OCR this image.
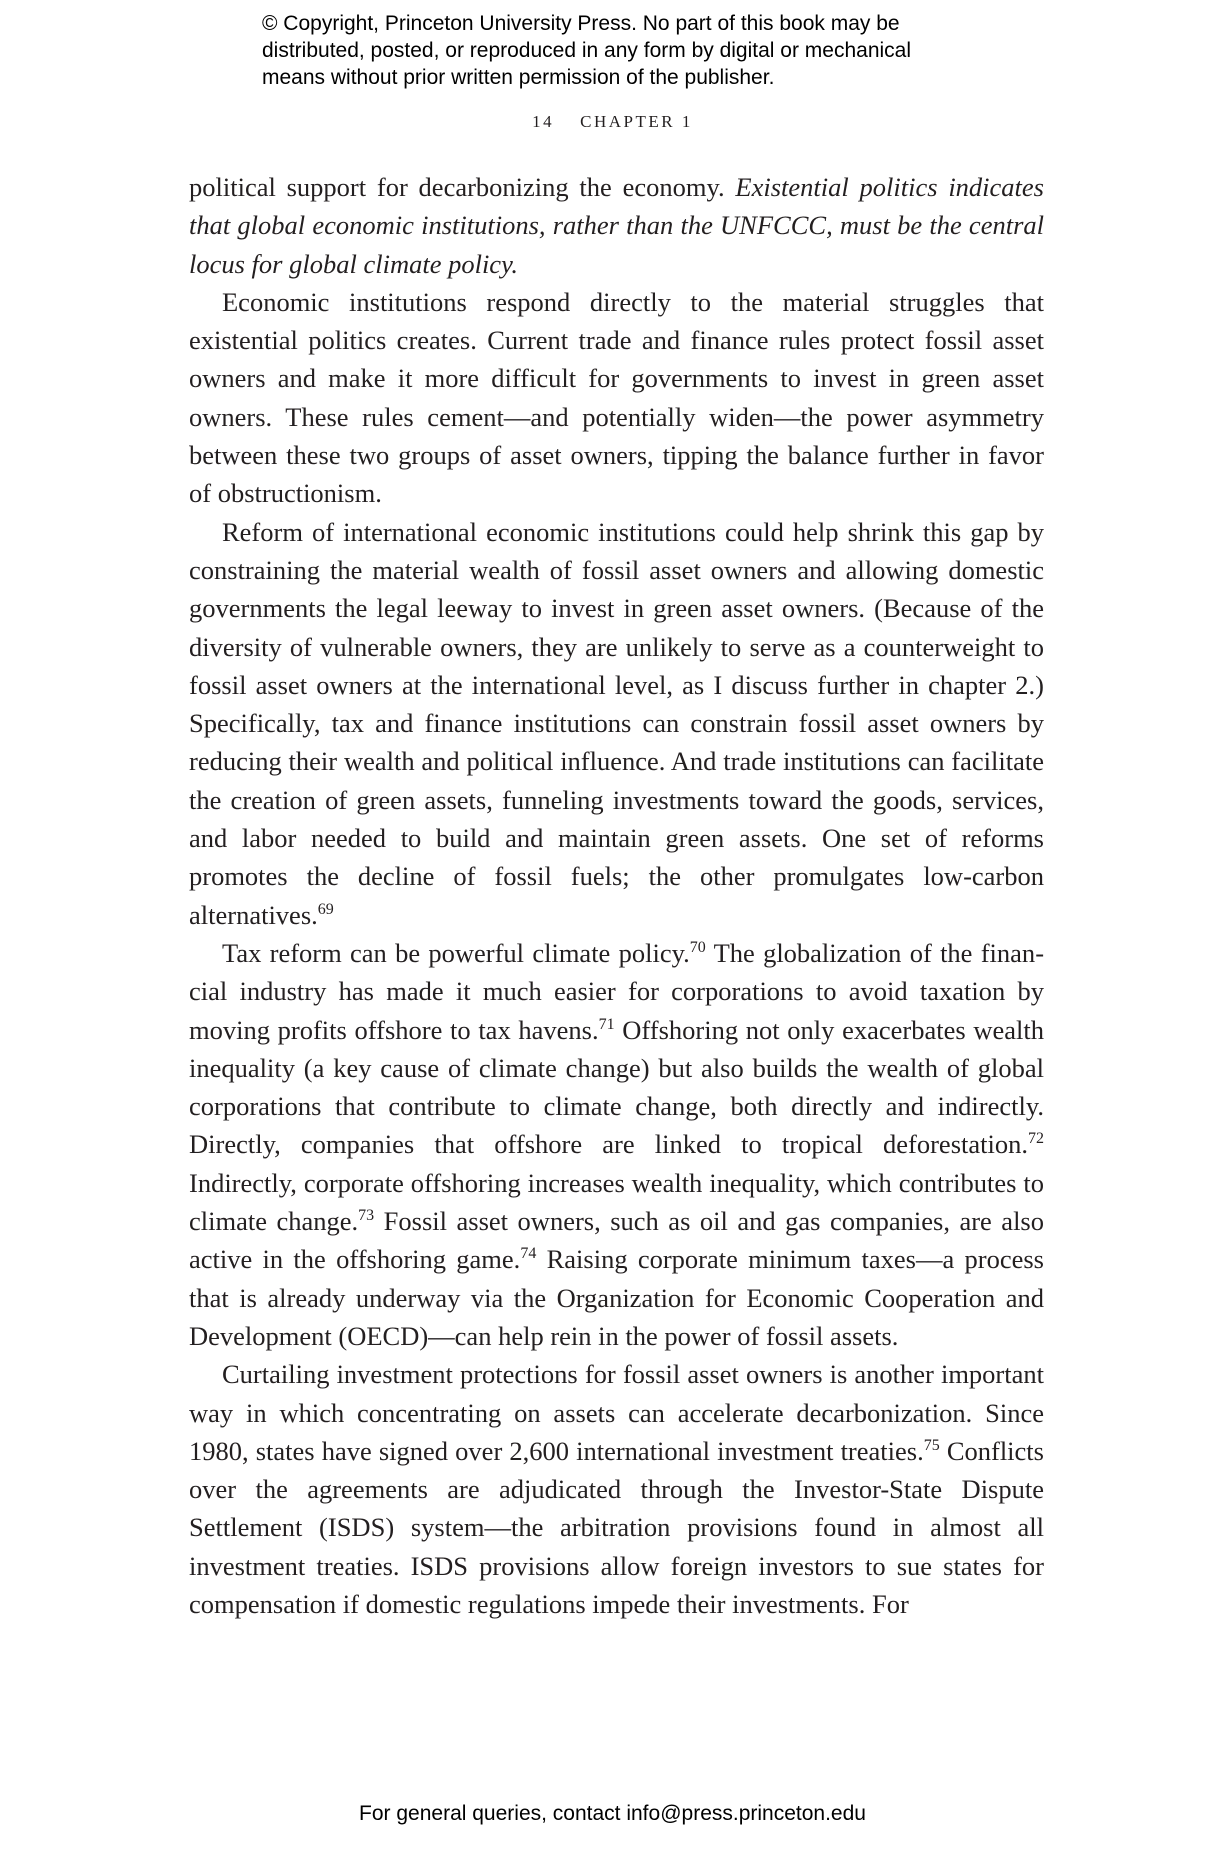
© Copyright, Princeton University Press. No part of this book may be
distributed, posted, or reproduced in any form by digital or mechanical
means without prior written permission of the publisher.
14 CHAPTER 1

political support for decarbonizing the economy. Existential politics indicates that global economic institutions, rather than the UNFCCC, must be the central locus for global climate policy.

Economic institutions respond directly to the material struggles that existential politics creates. Current trade and finance rules protect fossil asset owners and make it more difficult for governments to invest in green asset owners. These rules cement—and potentially widen—the power asymmetry between these two groups of asset owners, tipping the balance further in favor of obstructionism.

Reform of international economic institutions could help shrink this gap by constraining the material wealth of fossil asset owners and allowing domestic governments the legal leeway to invest in green asset owners. (Because of the diversity of vulnerable owners, they are unlikely to serve as a counterweight to fossil asset owners at the international level, as I discuss further in chapter 2.) Specifically, tax and finance institutions can constrain fossil asset owners by reducing their wealth and political influence. And trade institutions can facilitate the creation of green assets, funneling investments toward the goods, services, and labor needed to build and maintain green assets. One set of reforms promotes the decline of fossil fuels; the other promulgates low-carbon alternatives.$^{69}$

Tax reform can be powerful climate policy.$^{70}$ The globalization of the financial industry has made it much easier for corporations to avoid taxation by moving profits offshore to tax havens.$^{71}$ Offshoring not only exacerbates wealth inequality (a key cause of climate change) but also builds the wealth of global corporations that contribute to climate change, both directly and indirectly. Directly, companies that offshore are linked to tropical deforestation.$^{72}$ Indirectly, corporate offshoring increases wealth inequality, which contributes to climate change.$^{73}$ Fossil asset owners, such as oil and gas companies, are also active in the offshoring game.$^{74}$ Raising corporate minimum taxes—a process that is already underway via the Organization for Economic Cooperation and Development (OECD)—can help rein in the power of fossil assets.

Curtailing investment protections for fossil asset owners is another important way in which concentrating on assets can accelerate decarbonization. Since 1980, states have signed over 2,600 international investment treaties.$^{75}$ Conflicts over the agreements are adjudicated through the Investor-State Dispute Settlement (ISDS) system—the arbitration provisions found in almost all investment treaties. ISDS provisions allow foreign investors to sue states for compensation if domestic regulations impede their investments. For

For general queries, contact info@press.princeton.edu
